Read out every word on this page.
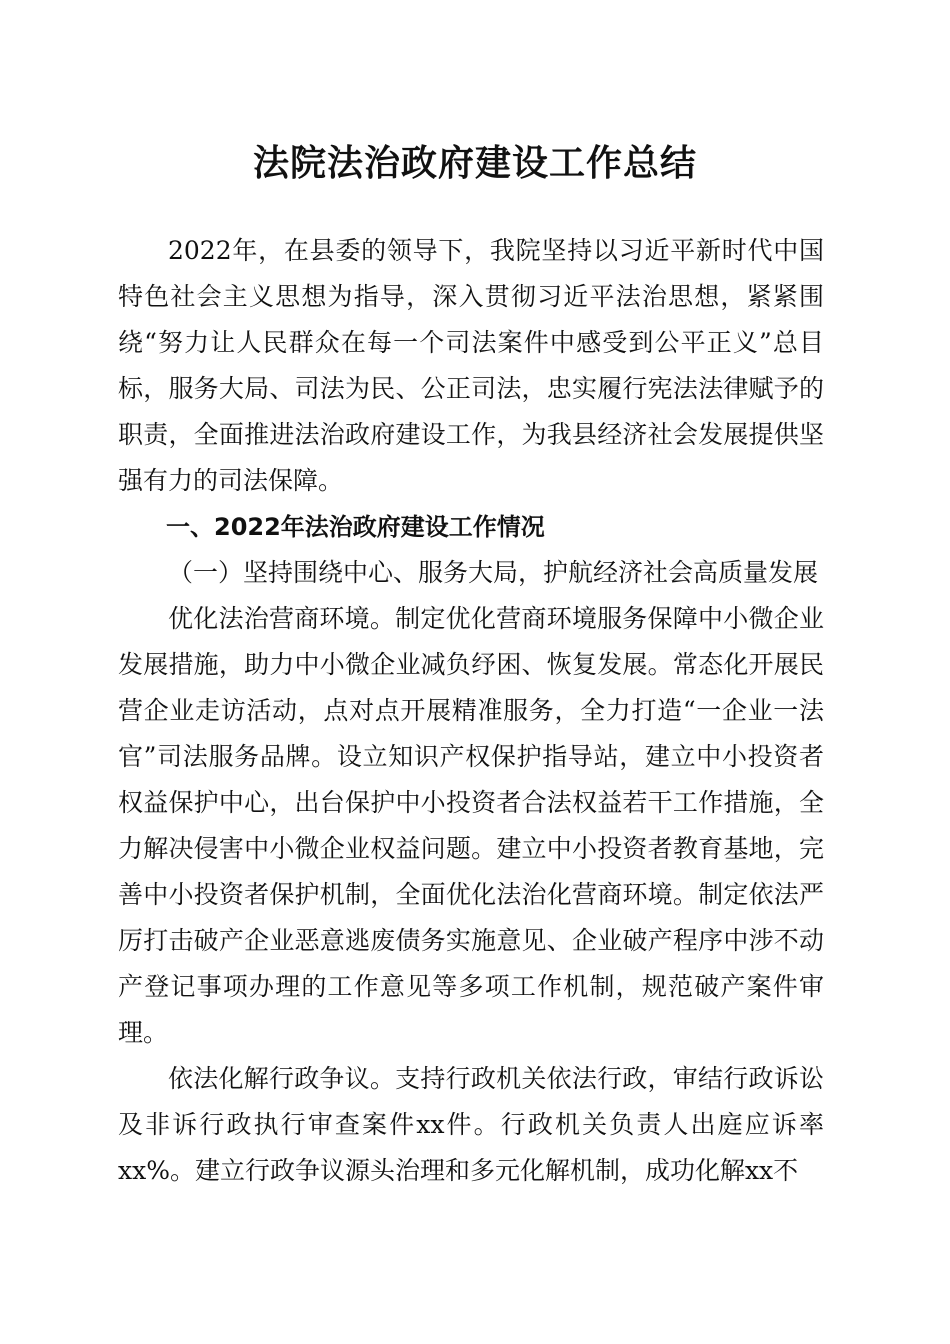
法院法治政府建设工作总结

2022年，在县委的领导下，我院坚持以习近平新时代中国特色社会主义思想为指导，深入贯彻习近平法治思想，紧紧围绕“努力让人民群众在每一个司法案件中感受到公平正义”总目标，服务大局、司法为民、公正司法，忠实履行宪法法律赋予的职责，全面推进法治政府建设工作，为我县经济社会发展提供坚强有力的司法保障。

一、2022年法治政府建设工作情况

（一）坚持围绕中心、服务大局，护航经济社会高质量发展

优化法治营商环境。制定优化营商环境服务保障中小微企业发展措施，助力中小微企业减负纾困、恢复发展。常态化开展民营企业走访活动，点对点开展精准服务，全力打造“一企业一法官”司法服务品牌。设立知识产权保护指导站，建立中小投资者权益保护中心，出台保护中小投资者合法权益若干工作措施，全力解决侵害中小微企业权益问题。建立中小投资者教育基地，完善中小投资者保护机制，全面优化法治化营商环境。制定依法严厉打击破产企业恶意逃废债务实施意见、企业破产程序中涉不动产登记事项办理的工作意见等多项工作机制，规范破产案件审理。

依法化解行政争议。支持行政机关依法行政，审结行政诉讼及非诉行政执行审查案件xx件。行政机关负责人出庭应诉率xx%。建立行政争议源头治理和多元化解机制，成功化解xx不
